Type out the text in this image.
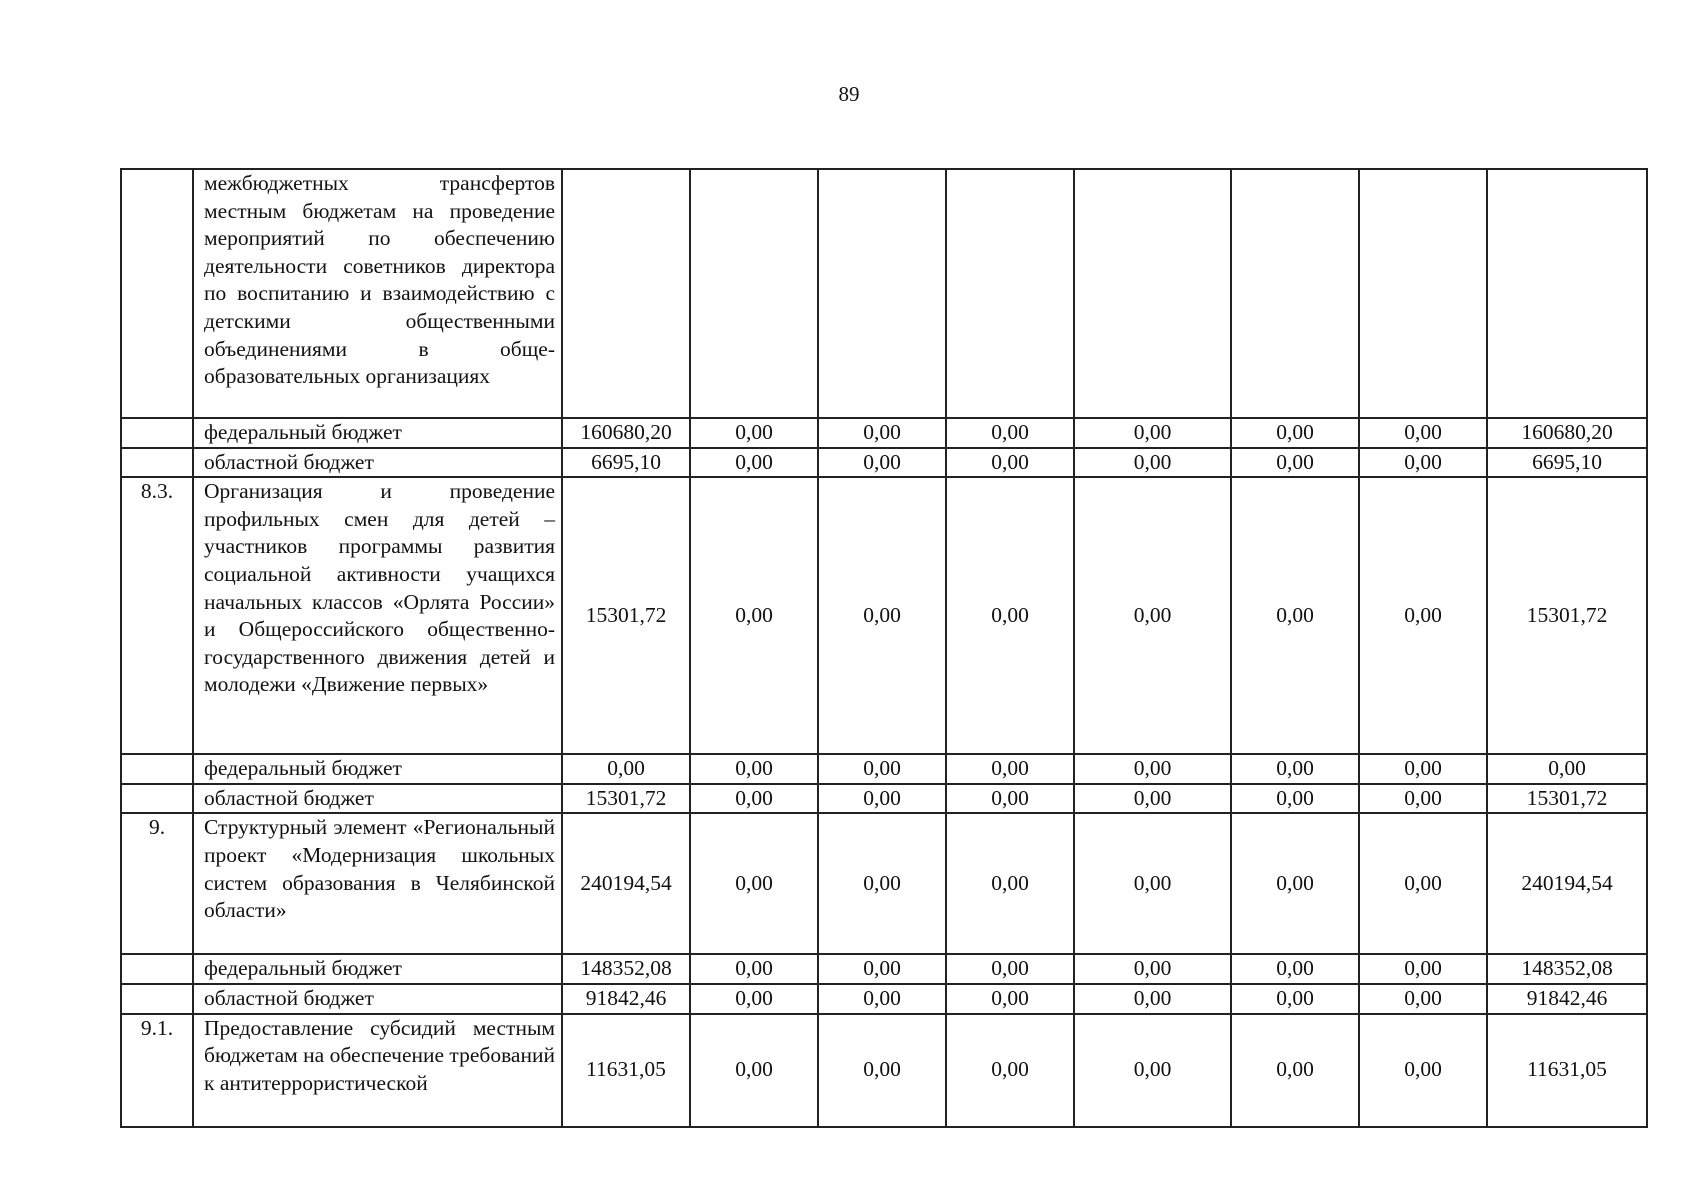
89
	межбюджетных трансфертов местным бюджетам на проведение мероприятий по обеспечению деятельности советников директора по воспитанию и взаимодействию с детскими общественными объединениями в обще-образовательных организациях								
	федеральный бюджет	160680,20	0,00	0,00	0,00	0,00	0,00	0,00	160680,20
	областной бюджет	6695,10	0,00	0,00	0,00	0,00	0,00	0,00	6695,10
8.3.	Организация и проведение профильных смен для детей – участников программы развития социальной активности учащихся начальных классов «Орлята России» и Общероссийского общественно-государственного движения детей и молодежи «Движение первых»	15301,72	0,00	0,00	0,00	0,00	0,00	0,00	15301,72
	федеральный бюджет	0,00	0,00	0,00	0,00	0,00	0,00	0,00	0,00
	областной бюджет	15301,72	0,00	0,00	0,00	0,00	0,00	0,00	15301,72
9.	Структурный элемент «Региональный проект «Модернизация школьных систем образования в Челябинской области»	240194,54	0,00	0,00	0,00	0,00	0,00	0,00	240194,54
	федеральный бюджет	148352,08	0,00	0,00	0,00	0,00	0,00	0,00	148352,08
	областной бюджет	91842,46	0,00	0,00	0,00	0,00	0,00	0,00	91842,46
9.1.	Предоставление субсидий местным бюджетам на обеспечение требований к антитеррористической	11631,05	0,00	0,00	0,00	0,00	0,00	0,00	11631,05
